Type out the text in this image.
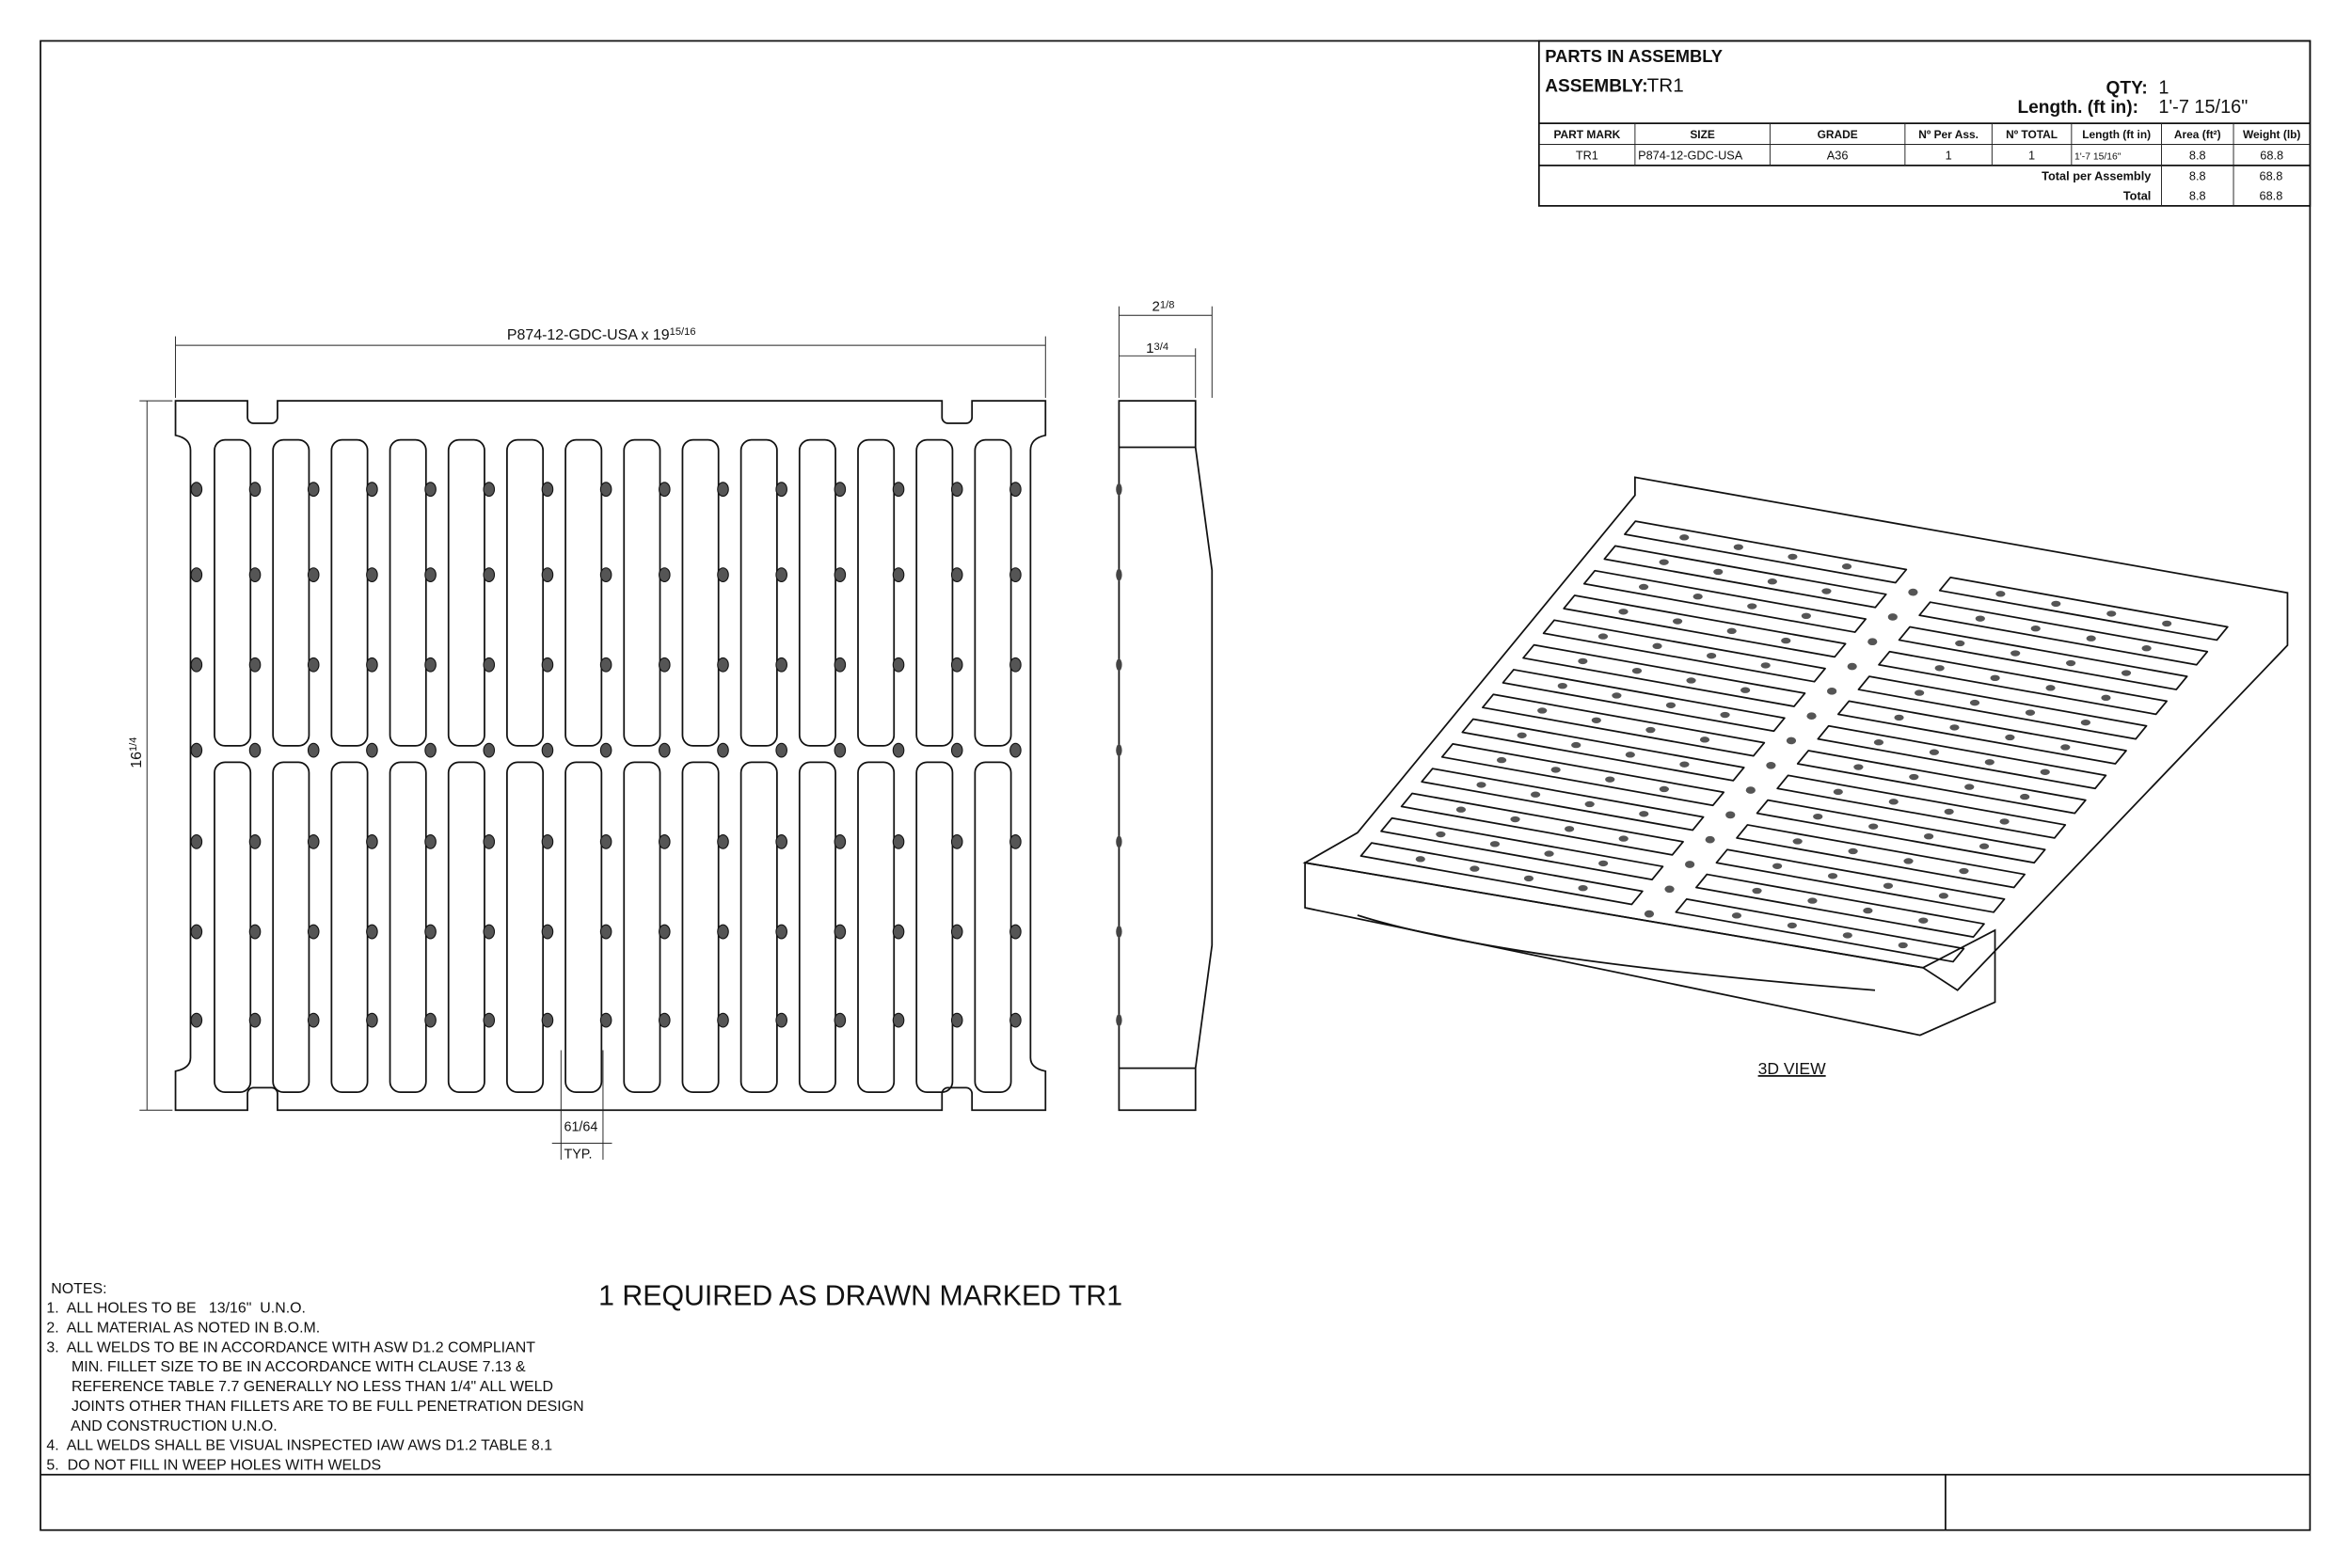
PARTS IN ASSEMBLY
ASSEMBLY:
TR1	QTY: 1
Length. (ft in): 1'-7 15/16"
PART MARK	SIZE	GRADE	Nº Per Ass.	Nº TOTAL	Length (ft in)	Area (ft²)	Weight (lb)
TR1	P874-12-GDC-USA	A36	1	1	1'-7 15/16"	8.8	68.8
Total per Assembly	8.8	68.8
Total	8.8	68.8
P874-12-GDC-USA x $19^{15/16}$
$16^{1/4}$
61/64
TYP.
$2^{1/8}$
$1^{3/4}$
3D VIEW
1 REQUIRED AS DRAWN MARKED TR1
NOTES:
1.  ALL HOLES TO BE   13/16"  U.N.O.
2.  ALL MATERIAL AS NOTED IN B.O.M.
3.  ALL WELDS TO BE IN ACCORDANCE WITH ASW D1.2 COMPLIANT
MIN. FILLET SIZE TO BE IN ACCORDANCE WITH CLAUSE 7.13 &
REFERENCE TABLE 7.7 GENERALLY NO LESS THAN 1/4" ALL WELD
JOINTS OTHER THAN FILLETS ARE TO BE FULL PENETRATION DESIGN
AND CONSTRUCTION U.N.O.
4.  ALL WELDS SHALL BE VISUAL INSPECTED IAW AWS D1.2 TABLE 8.1
5.  DO NOT FILL IN WEEP HOLES WITH WELDS
